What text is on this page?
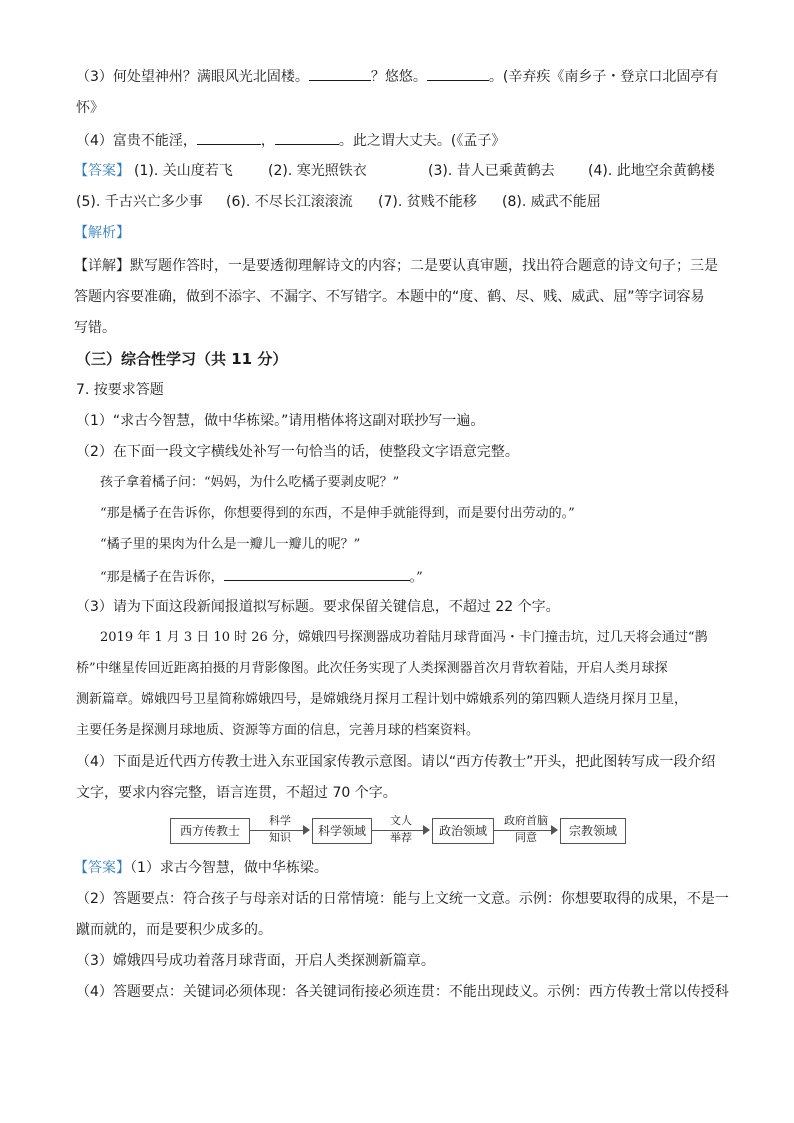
（3）何处望神州？满眼风光北固楼。	？悠悠。	。(辛弃疾《南乡子・登京口北固亭有
怀》
（4）富贵不能淫，	，	。此之谓大丈夫。(《孟子》
【答案】 (1). 关山度若飞	(2). 寒光照铁衣	(3). 昔人已乘黄鹤去 (4). 此地空余黄鹤楼
(5). 千古兴亡多少事 (6). 不尽长江滚滚流 (7). 贫贱不能移 (8). 威武不能屈
【解析】
【详解】默写题作答时，一是要透彻理解诗文的内容；二是要认真审题，找出符合题意的诗文句子；三是
答题内容要准确，做到不添字、不漏字、不写错字。本题中的“度、鹤、尽、贱、威武、屈”等字词容易
写错。
（三）综合性学习（共 11 分）
7. 按要求答题
（1）“求古今智慧，做中华栋梁。”请用楷体将这副对联抄写一遍。
（2）在下面一段文字横线处补写一句恰当的话，使整段文字语意完整。
孩子拿着橘子问：“妈妈，为什么吃橘子要剥皮呢？”
“那是橘子在告诉你，你想要得到的东西，不是伸手就能得到，而是要付出劳动的。”
“橘子里的果肉为什么是一瓣儿一瓣儿的呢？”
“那是橘子在告诉你，	。”
（3）请为下面这段新闻报道拟写标题。要求保留关键信息，不超过 22 个字。
2019 年 1 月 3 日 10 时 26 分，嫦娥四号探测器成功着陆月球背面冯・卡门撞击坑，过几天将会通过“鹊
桥”中继星传回近距离拍摄的月背影像图。此次任务实现了人类探测器首次月背软着陆，开启人类月球探
测新篇章。嫦娥四号卫星简称嫦娥四号，是嫦娥绕月探月工程计划中嫦娥系列的第四颗人造绕月探月卫星，
主要任务是探测月球地质、资源等方面的信息，完善月球的档案资料。
（4）下面是近代西方传教士进入东亚国家传教示意图。请以“西方传教士”开头，把此图转写成一段介绍
文字，要求内容完整，语言连贯，不超过 70 个字。
西方传教士
科学
知识	科学领域
文人
举荐	政治领域
政府首脑
同意	宗教领域
【答案】（1）求古今智慧，做中华栋梁。
（2）答题要点：符合孩子与母亲对话的日常情境：能与上文统一文意。示例：你想要取得的成果，不是一
蹴而就的，而是要积少成多的。
（3）嫦娥四号成功着落月球背面，开启人类探测新篇章。
（4）答题要点：关键词必须体现：各关键词衔接必须连贯：不能出现歧义。示例：西方传教士常以传授科
